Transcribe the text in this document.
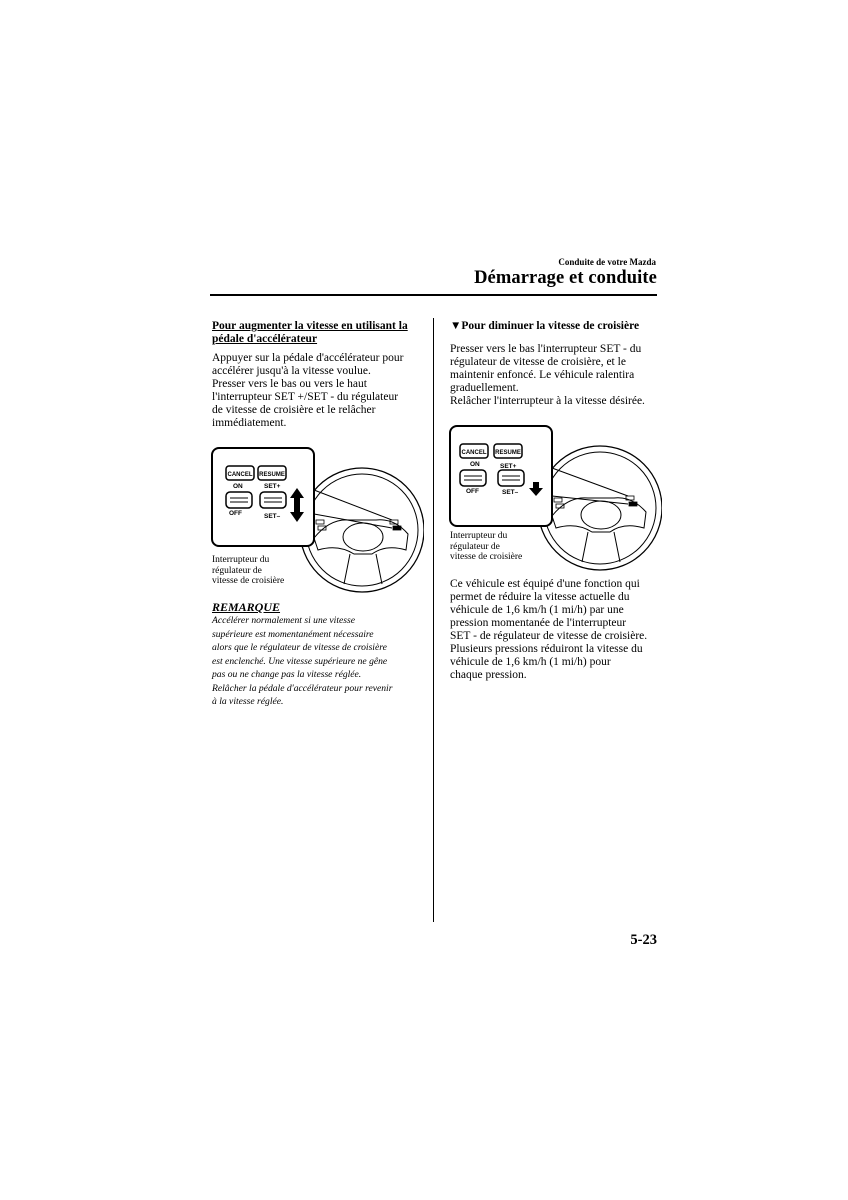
Conduite de votre Mazda
Démarrage et conduite
Pour augmenter la vitesse en utilisant la
pédale d'accélérateur
Appuyer sur la pédale d'accélérateur pour
accélérer jusqu'à la vitesse voulue.
Presser vers le bas ou vers le haut
l'interrupteur SET +/SET - du régulateur
de vitesse de croisière et le relâcher
immédiatement.
CANCEL RESUME
ON	SET+
OFF	SET–
Interrupteur du
régulateur de
vitesse de croisière
REMARQUE
Accélérer normalement si une vitesse
supérieure est momentanément nécessaire
alors que le régulateur de vitesse de croisière
est enclenché. Une vitesse supérieure ne gêne
pas ou ne change pas la vitesse réglée.
Relâcher la pédale d'accélérateur pour revenir
à la vitesse réglée.
▼Pour diminuer la vitesse de croisière
Presser vers le bas l'interrupteur SET - du
régulateur de vitesse de croisière, et le
maintenir enfoncé. Le véhicule ralentira
graduellement.
Relâcher l'interrupteur à la vitesse désirée.
CANCEL RESUME
ON	SET+
OFF	SET–
Interrupteur du
régulateur de
vitesse de croisière
Ce véhicule est équipé d'une fonction qui
permet de réduire la vitesse actuelle du
véhicule de 1,6 km/h (1 mi/h) par une
pression momentanée de l'interrupteur
SET - de régulateur de vitesse de croisière.
Plusieurs pressions réduiront la vitesse du
véhicule de 1,6 km/h (1 mi/h) pour
chaque pression.
5-23
